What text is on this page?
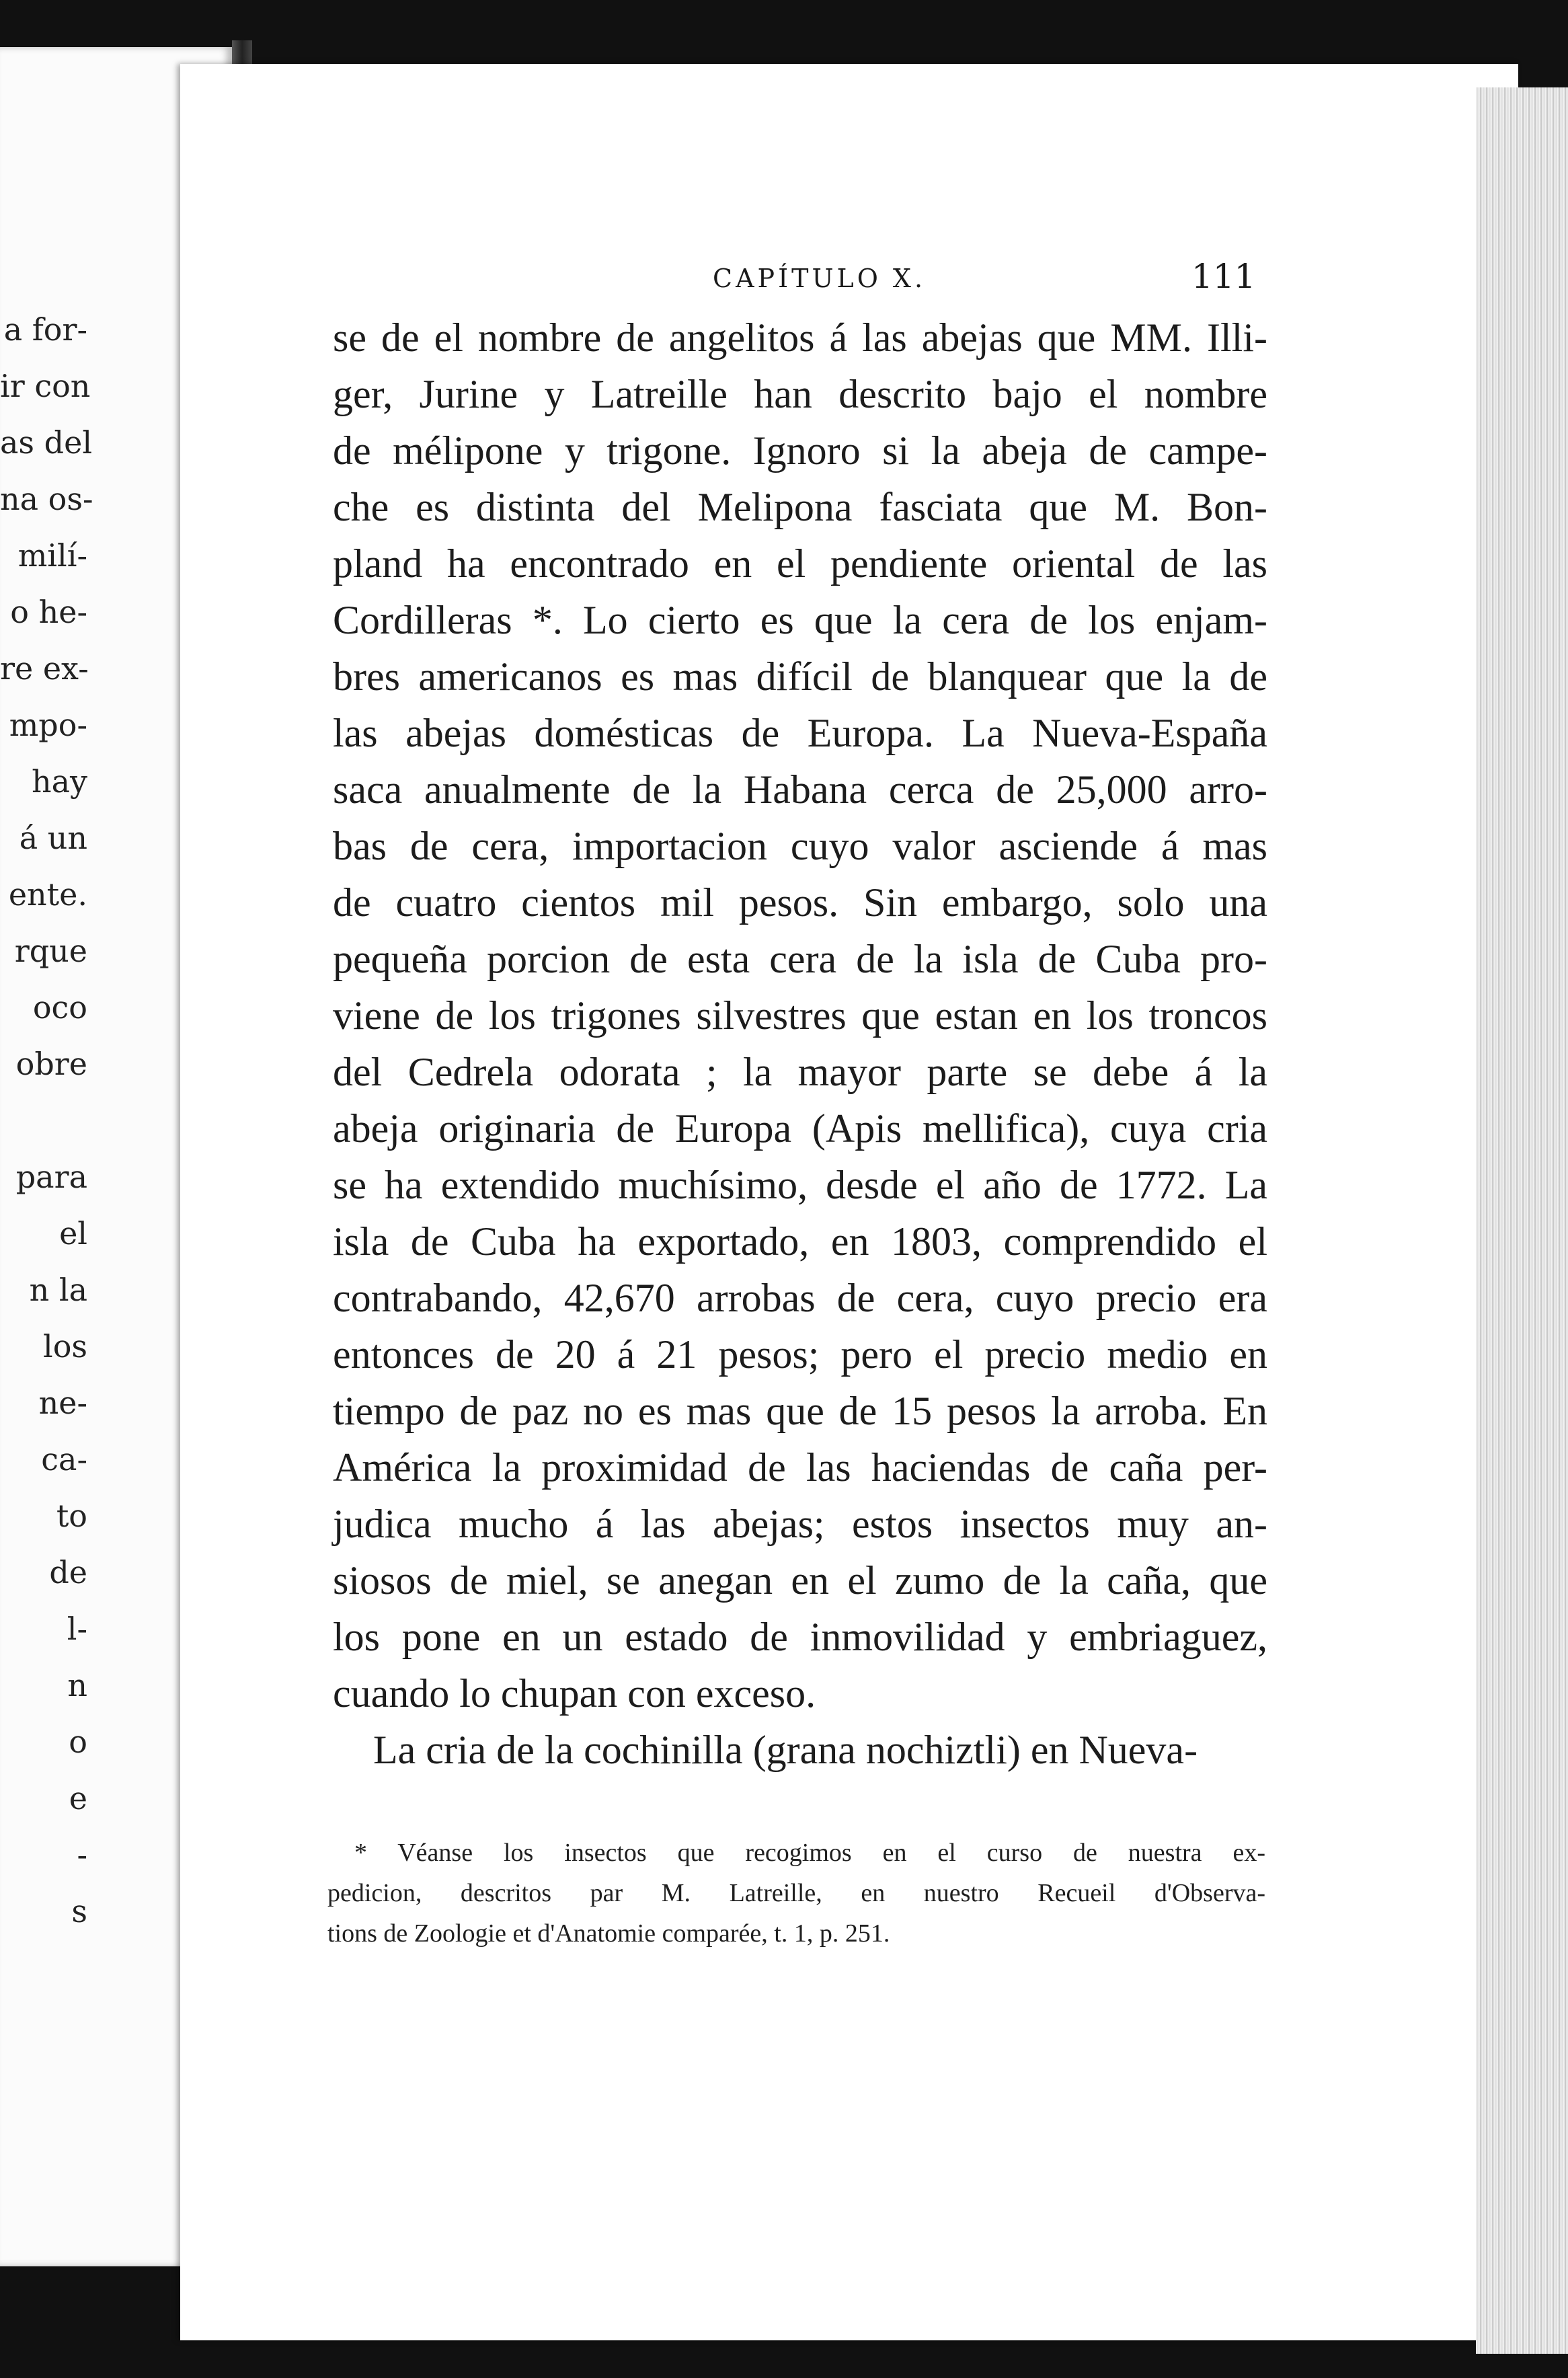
a for-
ir con
as del
na os-
milí-
o he-
re ex-
mpo-
hay
á un
ente.
rque
oco
obre
para
el
n la
los
ne-
ca-
to
de
l-
n
o
e
-
s
CAPÍTULO X.	111
se de el nombre de angelitos á las abejas que MM. Illi-
ger, Jurine y Latreille han descrito bajo el nombre
de mélipone y trigone. Ignoro si la abeja de campe-
che es distinta del Melipona fasciata que M. Bon-
pland ha encontrado en el pendiente oriental de las
Cordilleras *. Lo cierto es que la cera de los enjam-
bres americanos es mas difícil de blanquear que la de
las abejas domésticas de Europa. La Nueva-España
saca anualmente de la Habana cerca de 25,000 arro-
bas de cera, importacion cuyo valor asciende á mas
de cuatro cientos mil pesos. Sin embargo, solo una
pequeña porcion de esta cera de la isla de Cuba pro-
viene de los trigones silvestres que estan en los troncos
del Cedrela odorata ; la mayor parte se debe á la
abeja originaria de Europa (Apis mellifica), cuya cria
se ha extendido muchísimo, desde el año de 1772. La
isla de Cuba ha exportado, en 1803, comprendido el
contrabando, 42,670 arrobas de cera, cuyo precio era
entonces de 20 á 21 pesos; pero el precio medio en
tiempo de paz no es mas que de 15 pesos la arroba. En
América la proximidad de las haciendas de caña per-
judica mucho á las abejas; estos insectos muy an-
siosos de miel, se anegan en el zumo de la caña, que
los pone en un estado de inmovilidad y embriaguez,
cuando lo chupan con exceso.
La cria de la cochinilla (grana nochiztli) en Nueva-
* Véanse los insectos que recogimos en el curso de nuestra ex-
pedicion, descritos par M. Latreille, en nuestro Recueil d'Observa-
tions de Zoologie et d'Anatomie comparée, t. 1, p. 251.
